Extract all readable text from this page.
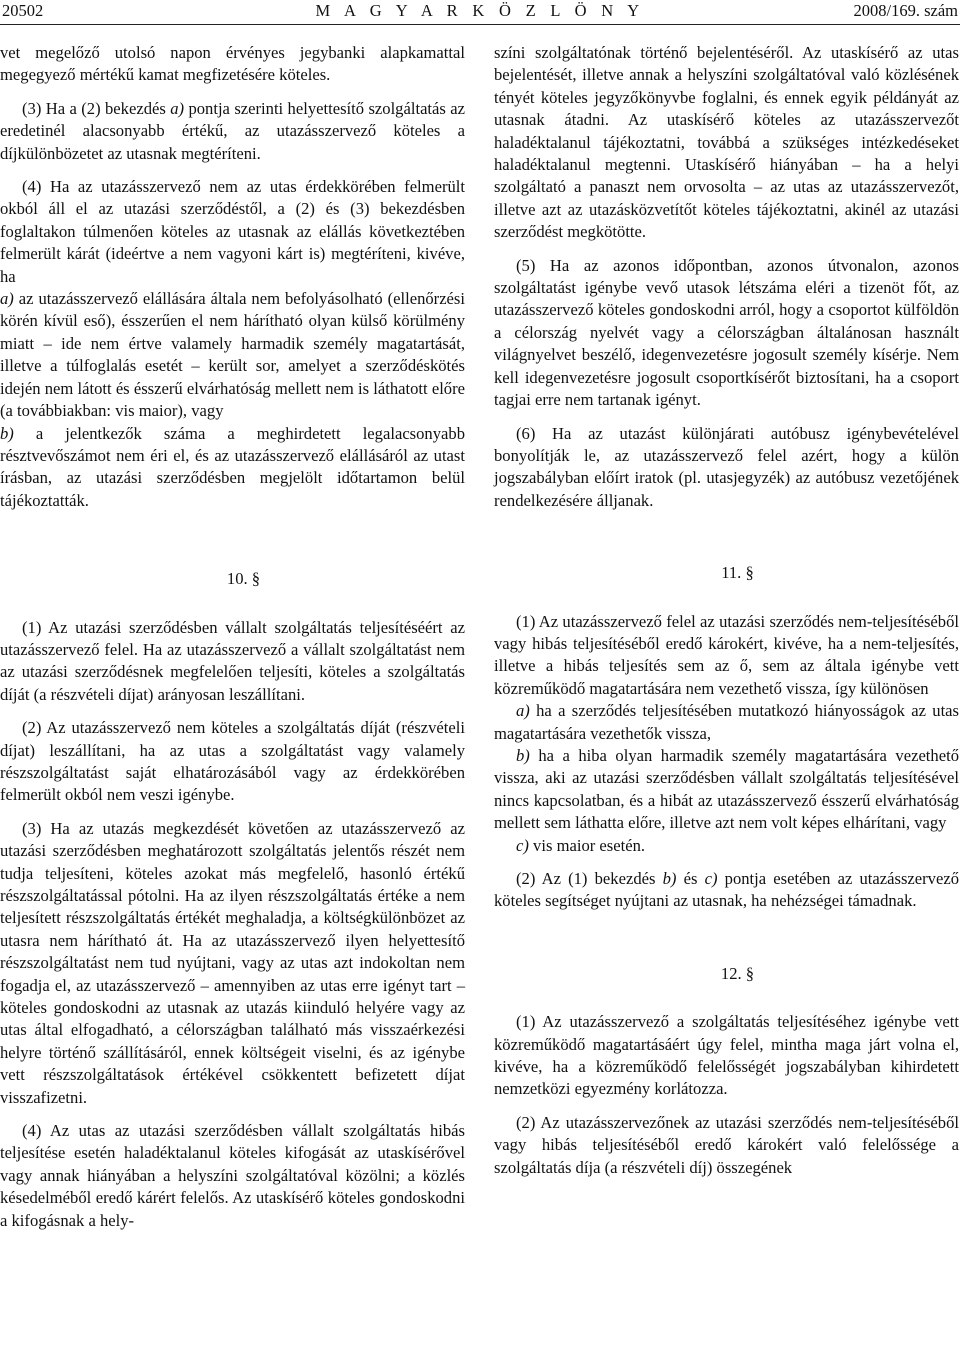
20502	M A G Y A R K Ö Z L Ö N Y	2008/169. szám

vet megelőző utolsó napon érvényes jegybanki alapkamattal megegyező mértékű kamat megfizetésére köteles.

(3) Ha a (2) bekezdés a) pontja szerinti helyettesítő szolgáltatás az eredetinél alacsonyabb értékű, az utazásszervező köteles a díjkülönbözetet az utasnak megtéríteni.

(4) Ha az utazásszervező nem az utas érdekkörében felmerült okból áll el az utazási szerződéstől, a (2) és (3) bekezdésben foglaltakon túlmenően köteles az utasnak az elállás következtében felmerült kárát (ideértve a nem vagyoni kárt is) megtéríteni, kivéve, ha

a) az utazásszervező elállására általa nem befolyásolható (ellenőrzési körén kívül eső), ésszerűen el nem hárítható olyan külső körülmény miatt – ide nem értve valamely harmadik személy magatartását, illetve a túlfoglalás esetét – került sor, amelyet a szerződéskötés idején nem látott és ésszerű elvárhatóság mellett nem is láthatott előre (a továbbiakban: vis maior), vagy

b) a jelentkezők száma a meghirdetett legalacsonyabb résztvevőszámot nem éri el, és az utazásszervező elállásáról az utast írásban, az utazási szerződésben megjelölt időtartamon belül tájékoztatták.

10. §

(1) Az utazási szerződésben vállalt szolgáltatás teljesítéséért az utazásszervező felel. Ha az utazásszervező a vállalt szolgáltatást nem az utazási szerződésnek megfelelően teljesíti, köteles a szolgáltatás díját (a részvételi díjat) arányosan leszállítani.

(2) Az utazásszervező nem köteles a szolgáltatás díját (részvételi díjat) leszállítani, ha az utas a szolgáltatást vagy valamely részszolgáltatást saját elhatározásából vagy az érdekkörében felmerült okból nem veszi igénybe.

(3) Ha az utazás megkezdését követően az utazásszervező az utazási szerződésben meghatározott szolgáltatás jelentős részét nem tudja teljesíteni, köteles azokat más megfelelő, hasonló értékű részszolgáltatással pótolni. Ha az ilyen részszolgáltatás értéke a nem teljesített részszolgáltatás értékét meghaladja, a költségkülönbözet az utasra nem hárítható át. Ha az utazásszervező ilyen helyettesítő részszolgáltatást nem tud nyújtani, vagy az utas azt indokoltan nem fogadja el, az utazásszervező – amennyiben az utas erre igényt tart – köteles gondoskodni az utasnak az utazás kiinduló helyére vagy az utas által elfogadható, a célországban található más visszaérkezési helyre történő szállításáról, ennek költségeit viselni, és az igénybe vett részszolgáltatások értékével csökkentett befizetett díjat visszafizetni.

(4) Az utas az utazási szerződésben vállalt szolgáltatás hibás teljesítése esetén haladéktalanul köteles kifogását az utaskísérővel vagy annak hiányában a helyszíni szolgáltatóval közölni; a közlés késedelméből eredő kárért felelős. Az utaskísérő köteles gondoskodni a kifogásnak a hely-

színi szolgáltatónak történő bejelentéséről. Az utaskísérő az utas bejelentését, illetve annak a helyszíni szolgáltatóval való közlésének tényét köteles jegyzőkönyvbe foglalni, és ennek egyik példányát az utasnak átadni. Az utaskísérő köteles az utazásszervezőt haladéktalanul tájékoztatni, továbbá a szükséges intézkedéseket haladéktalanul megtenni. Utaskísérő hiányában – ha a helyi szolgáltató a panaszt nem orvosolta – az utas az utazásszervezőt, illetve azt az utazásközvetítőt köteles tájékoztatni, akinél az utazási szerződést megkötötte.

(5) Ha az azonos időpontban, azonos útvonalon, azonos szolgáltatást igénybe vevő utasok létszáma eléri a tizenöt főt, az utazásszervező köteles gondoskodni arról, hogy a csoportot külföldön a célország nyelvét vagy a célországban általánosan használt világnyelvet beszélő, idegenvezetésre jogosult személy kísérje. Nem kell idegenvezetésre jogosult csoportkísérőt biztosítani, ha a csoport tagjai erre nem tartanak igényt.

(6) Ha az utazást különjárati autóbusz igénybevételével bonyolítják le, az utazásszervező felel azért, hogy a külön jogszabályban előírt iratok (pl. utasjegyzék) az autóbusz vezetőjének rendelkezésére álljanak.

11. §

(1) Az utazásszervező felel az utazási szerződés nem-teljesítéséből vagy hibás teljesítéséből eredő károkért, kivéve, ha a nem-teljesítés, illetve a hibás teljesítés sem az ő, sem az általa igénybe vett közreműködő magatartására nem vezethető vissza, így különösen

a) ha a szerződés teljesítésében mutatkozó hiányosságok az utas magatartására vezethetők vissza,

b) ha a hiba olyan harmadik személy magatartására vezethető vissza, aki az utazási szerződésben vállalt szolgáltatás teljesítésével nincs kapcsolatban, és a hibát az utazásszervező ésszerű elvárhatóság mellett sem láthatta előre, illetve azt nem volt képes elhárítani, vagy

c) vis maior esetén.

(2) Az (1) bekezdés b) és c) pontja esetében az utazásszervező köteles segítséget nyújtani az utasnak, ha nehézségei támadnak.

12. §

(1) Az utazásszervező a szolgáltatás teljesítéséhez igénybe vett közreműködő magatartásáért úgy felel, mintha maga járt volna el, kivéve, ha a közreműködő felelősségét jogszabályban kihirdetett nemzetközi egyezmény korlátozza.

(2) Az utazásszervezőnek az utazási szerződés nem-teljesítéséből vagy hibás teljesítéséből eredő károkért való felelőssége a szolgáltatás díja (a részvételi díj) összegének
